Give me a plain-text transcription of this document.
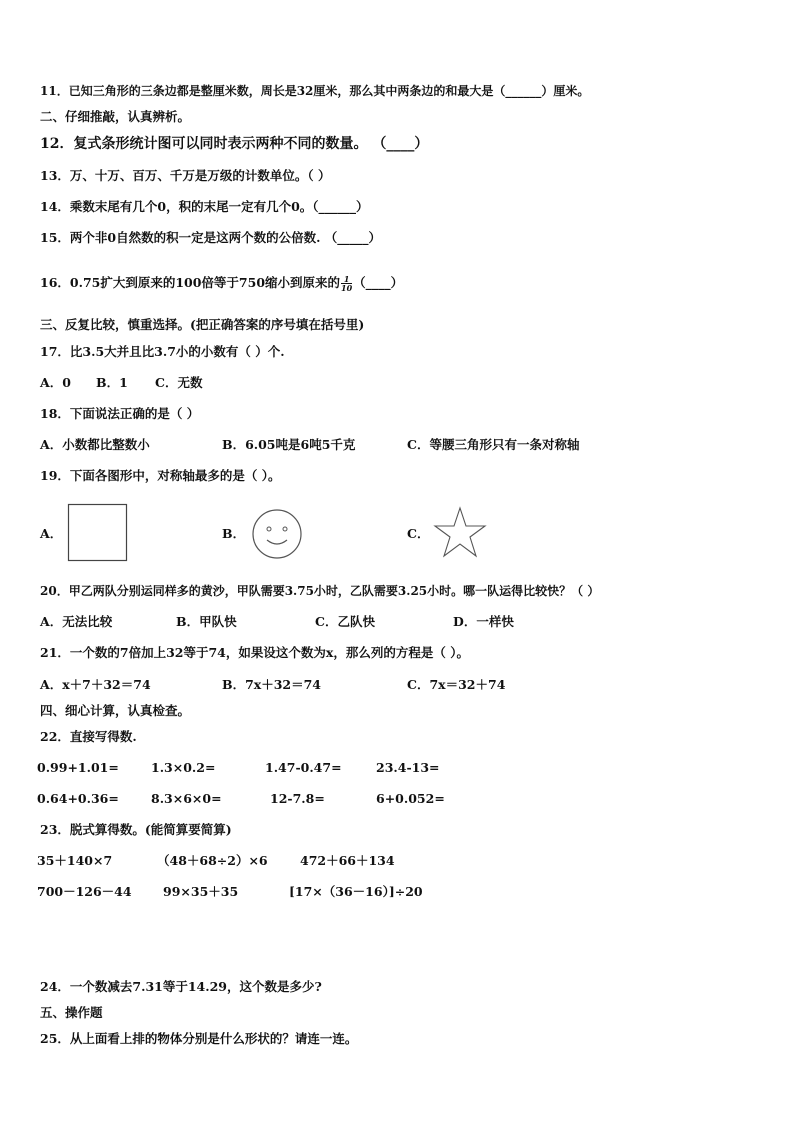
11．已知三角形的三条边都是整厘米数，周长是32厘米，那么其中两条边的和最大是（______）厘米。
二、仔细推敲，认真辨析。
12．复式条形统计图可以同时表示两种不同的数量。 （____）
13．万、十万、百万、千万是万级的计数单位。（ ）
14．乘数末尾有几个0，积的末尾一定有几个0。（______）
15．两个非0自然数的积一定是这两个数的公倍数. （_____）
16．0.75扩大到原来的100倍等于750缩小到原来的 $\frac{1}{10}$ （____）
三、反复比较，慎重选择。(把正确答案的序号填在括号里)
17．比3.5大并且比3.7小的小数有（ ）个.
A．0 B．1 C．无数
18．下面说法正确的是（ ）
A．小数都比整数小	B．6.05吨是6吨5千克	C．等腰三角形只有一条对称轴
19．下面各图形中，对称轴最多的是（ ）。
A．	B．	C．
20．甲乙两队分别运同样多的黄沙，甲队需要3.75小时，乙队需要3.25小时。哪一队运得比较快？（ ）
A．无法比较	B．甲队快	C．乙队快	D．一样快
21．一个数的7倍加上32等于74，如果设这个数为x，那么列的方程是（ ）。
A．x＋7＋32＝74	B．7x＋32＝74	C．7x＝32＋74
四、细心计算，认真检查。
22．直接写得数.
0.99+1.01=	1.3×0.2=	1.47-0.47=	23.4-13=
0.64+0.36=	8.3×6×0=	12-7.8=	6+0.052=
23．脱式算得数。(能简算要简算)
35＋140×7	（48＋68÷2）×6	472＋66＋134
700－126－44	99×35＋35	[17×（36－16）]÷20
24．一个数减去7.31等于14.29，这个数是多少?
五、操作题
25．从上面看上排的物体分别是什么形状的？请连一连。
